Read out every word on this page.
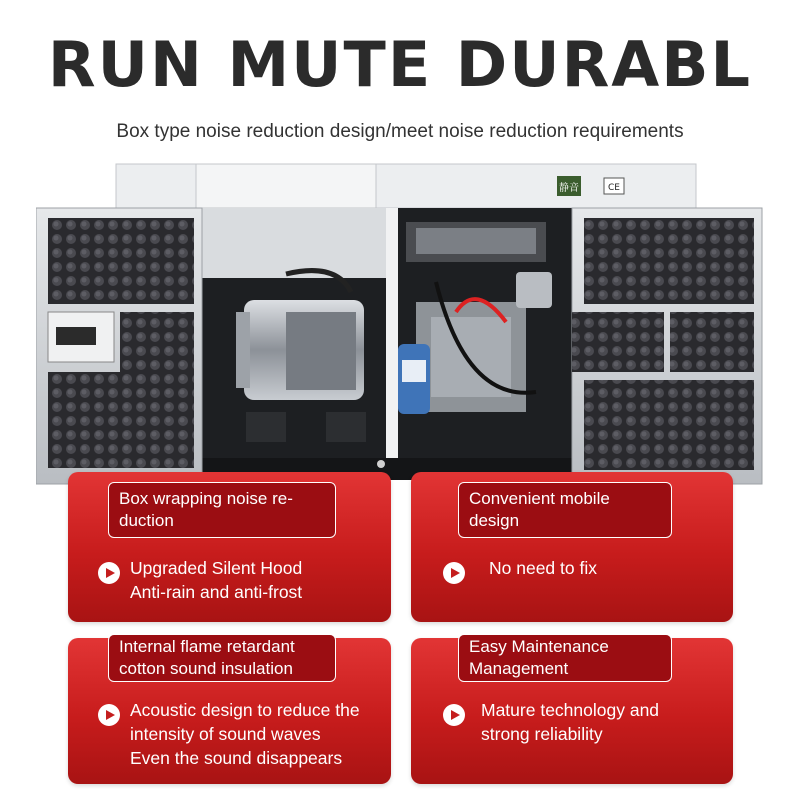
RUN MUTE DURABL
Box type noise reduction design/meet noise reduction requirements
静音	CE
Box wrapping noise re-
duction
Upgraded Silent Hood
Anti-rain and anti-frost
Convenient mobile
design
No need to fix
Internal flame retardant
cotton sound insulation
Acoustic design to reduce the
intensity of sound waves
Even the sound disappears
Easy Maintenance
Management
Mature technology and
strong reliability
